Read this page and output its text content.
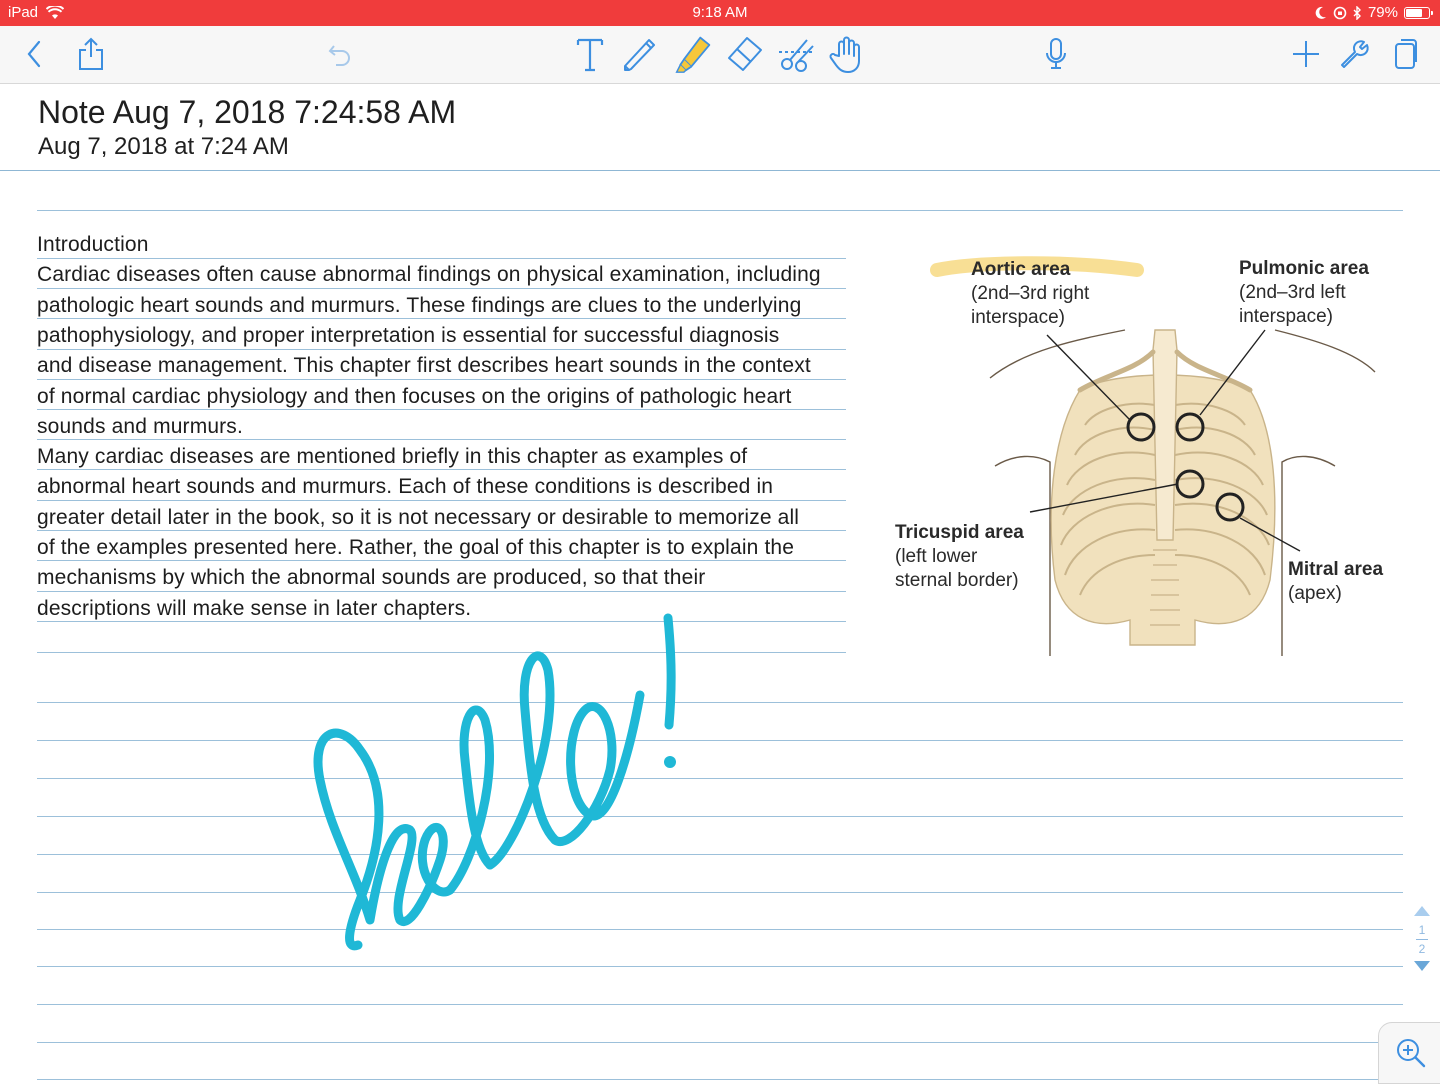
iPad	9:18 AM	79%
Note Aug 7, 2018 7:24:58 AM
Aug 7, 2018 at 7:24 AM
Introduction
Cardiac diseases often cause abnormal findings on physical examination, including
pathologic heart sounds and murmurs. These findings are clues to the underlying
pathophysiology, and proper interpretation is essential for successful diagnosis
and disease management. This chapter first describes heart sounds in the context
of normal cardiac physiology and then focuses on the origins of pathologic heart
sounds and murmurs.
Many cardiac diseases are mentioned briefly in this chapter as examples of
abnormal heart sounds and murmurs. Each of these conditions is described in
greater detail later in the book, so it is not necessary or desirable to memorize all
of the examples presented here. Rather, the goal of this chapter is to explain the
mechanisms by which the abnormal sounds are produced, so that their
descriptions will make sense in later chapters.
Aortic area
(2nd–3rd right
interspace)
Pulmonic area
(2nd–3rd left
interspace)
Tricuspid area
(left lower
sternal border)
Mitral area
(apex)
1
2
